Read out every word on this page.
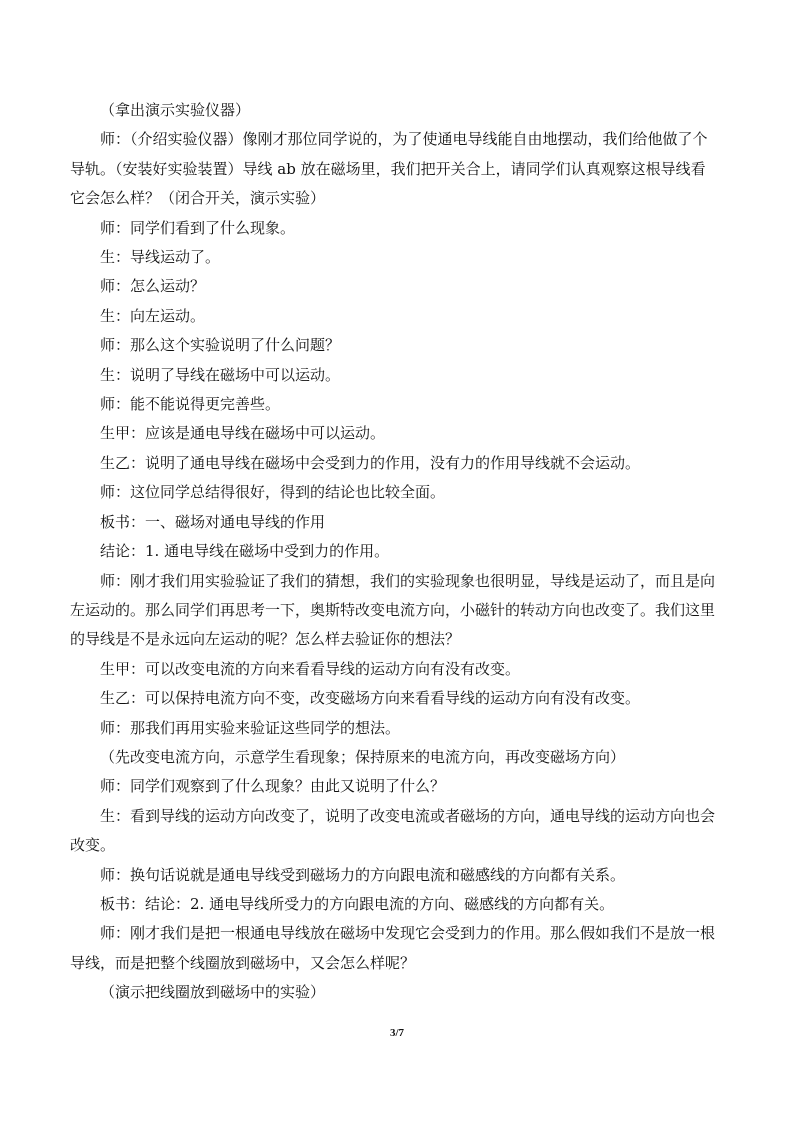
（拿出演示实验仪器）

师：（介绍实验仪器）像刚才那位同学说的，为了使通电导线能自由地摆动，我们给他做了个导轨。（安装好实验装置）导线 ab 放在磁场里，我们把开关合上，请同学们认真观察这根导线看它会怎么样？（闭合开关，演示实验）

师：同学们看到了什么现象。

生：导线运动了。

师：怎么运动？

生：向左运动。

师：那么这个实验说明了什么问题？

生：说明了导线在磁场中可以运动。

师：能不能说得更完善些。

生甲：应该是通电导线在磁场中可以运动。

生乙：说明了通电导线在磁场中会受到力的作用，没有力的作用导线就不会运动。

师：这位同学总结得很好，得到的结论也比较全面。

板书：一、磁场对通电导线的作用

结论：1. 通电导线在磁场中受到力的作用。

师：刚才我们用实验验证了我们的猜想，我们的实验现象也很明显，导线是运动了，而且是向左运动的。那么同学们再思考一下，奥斯特改变电流方向，小磁针的转动方向也改变了。我们这里的导线是不是永远向左运动的呢？怎么样去验证你的想法？

生甲：可以改变电流的方向来看看导线的运动方向有没有改变。

生乙：可以保持电流方向不变，改变磁场方向来看看导线的运动方向有没有改变。

师：那我们再用实验来验证这些同学的想法。

（先改变电流方向，示意学生看现象；保持原来的电流方向，再改变磁场方向）

师：同学们观察到了什么现象？由此又说明了什么？

生：看到导线的运动方向改变了，说明了改变电流或者磁场的方向，通电导线的运动方向也会改变。

师：换句话说就是通电导线受到磁场力的方向跟电流和磁感线的方向都有关系。

板书：结论：2. 通电导线所受力的方向跟电流的方向、磁感线的方向都有关。

师：刚才我们是把一根通电导线放在磁场中发现它会受到力的作用。那么假如我们不是放一根导线，而是把整个线圈放到磁场中，又会怎么样呢？

（演示把线圈放到磁场中的实验）

3/7
